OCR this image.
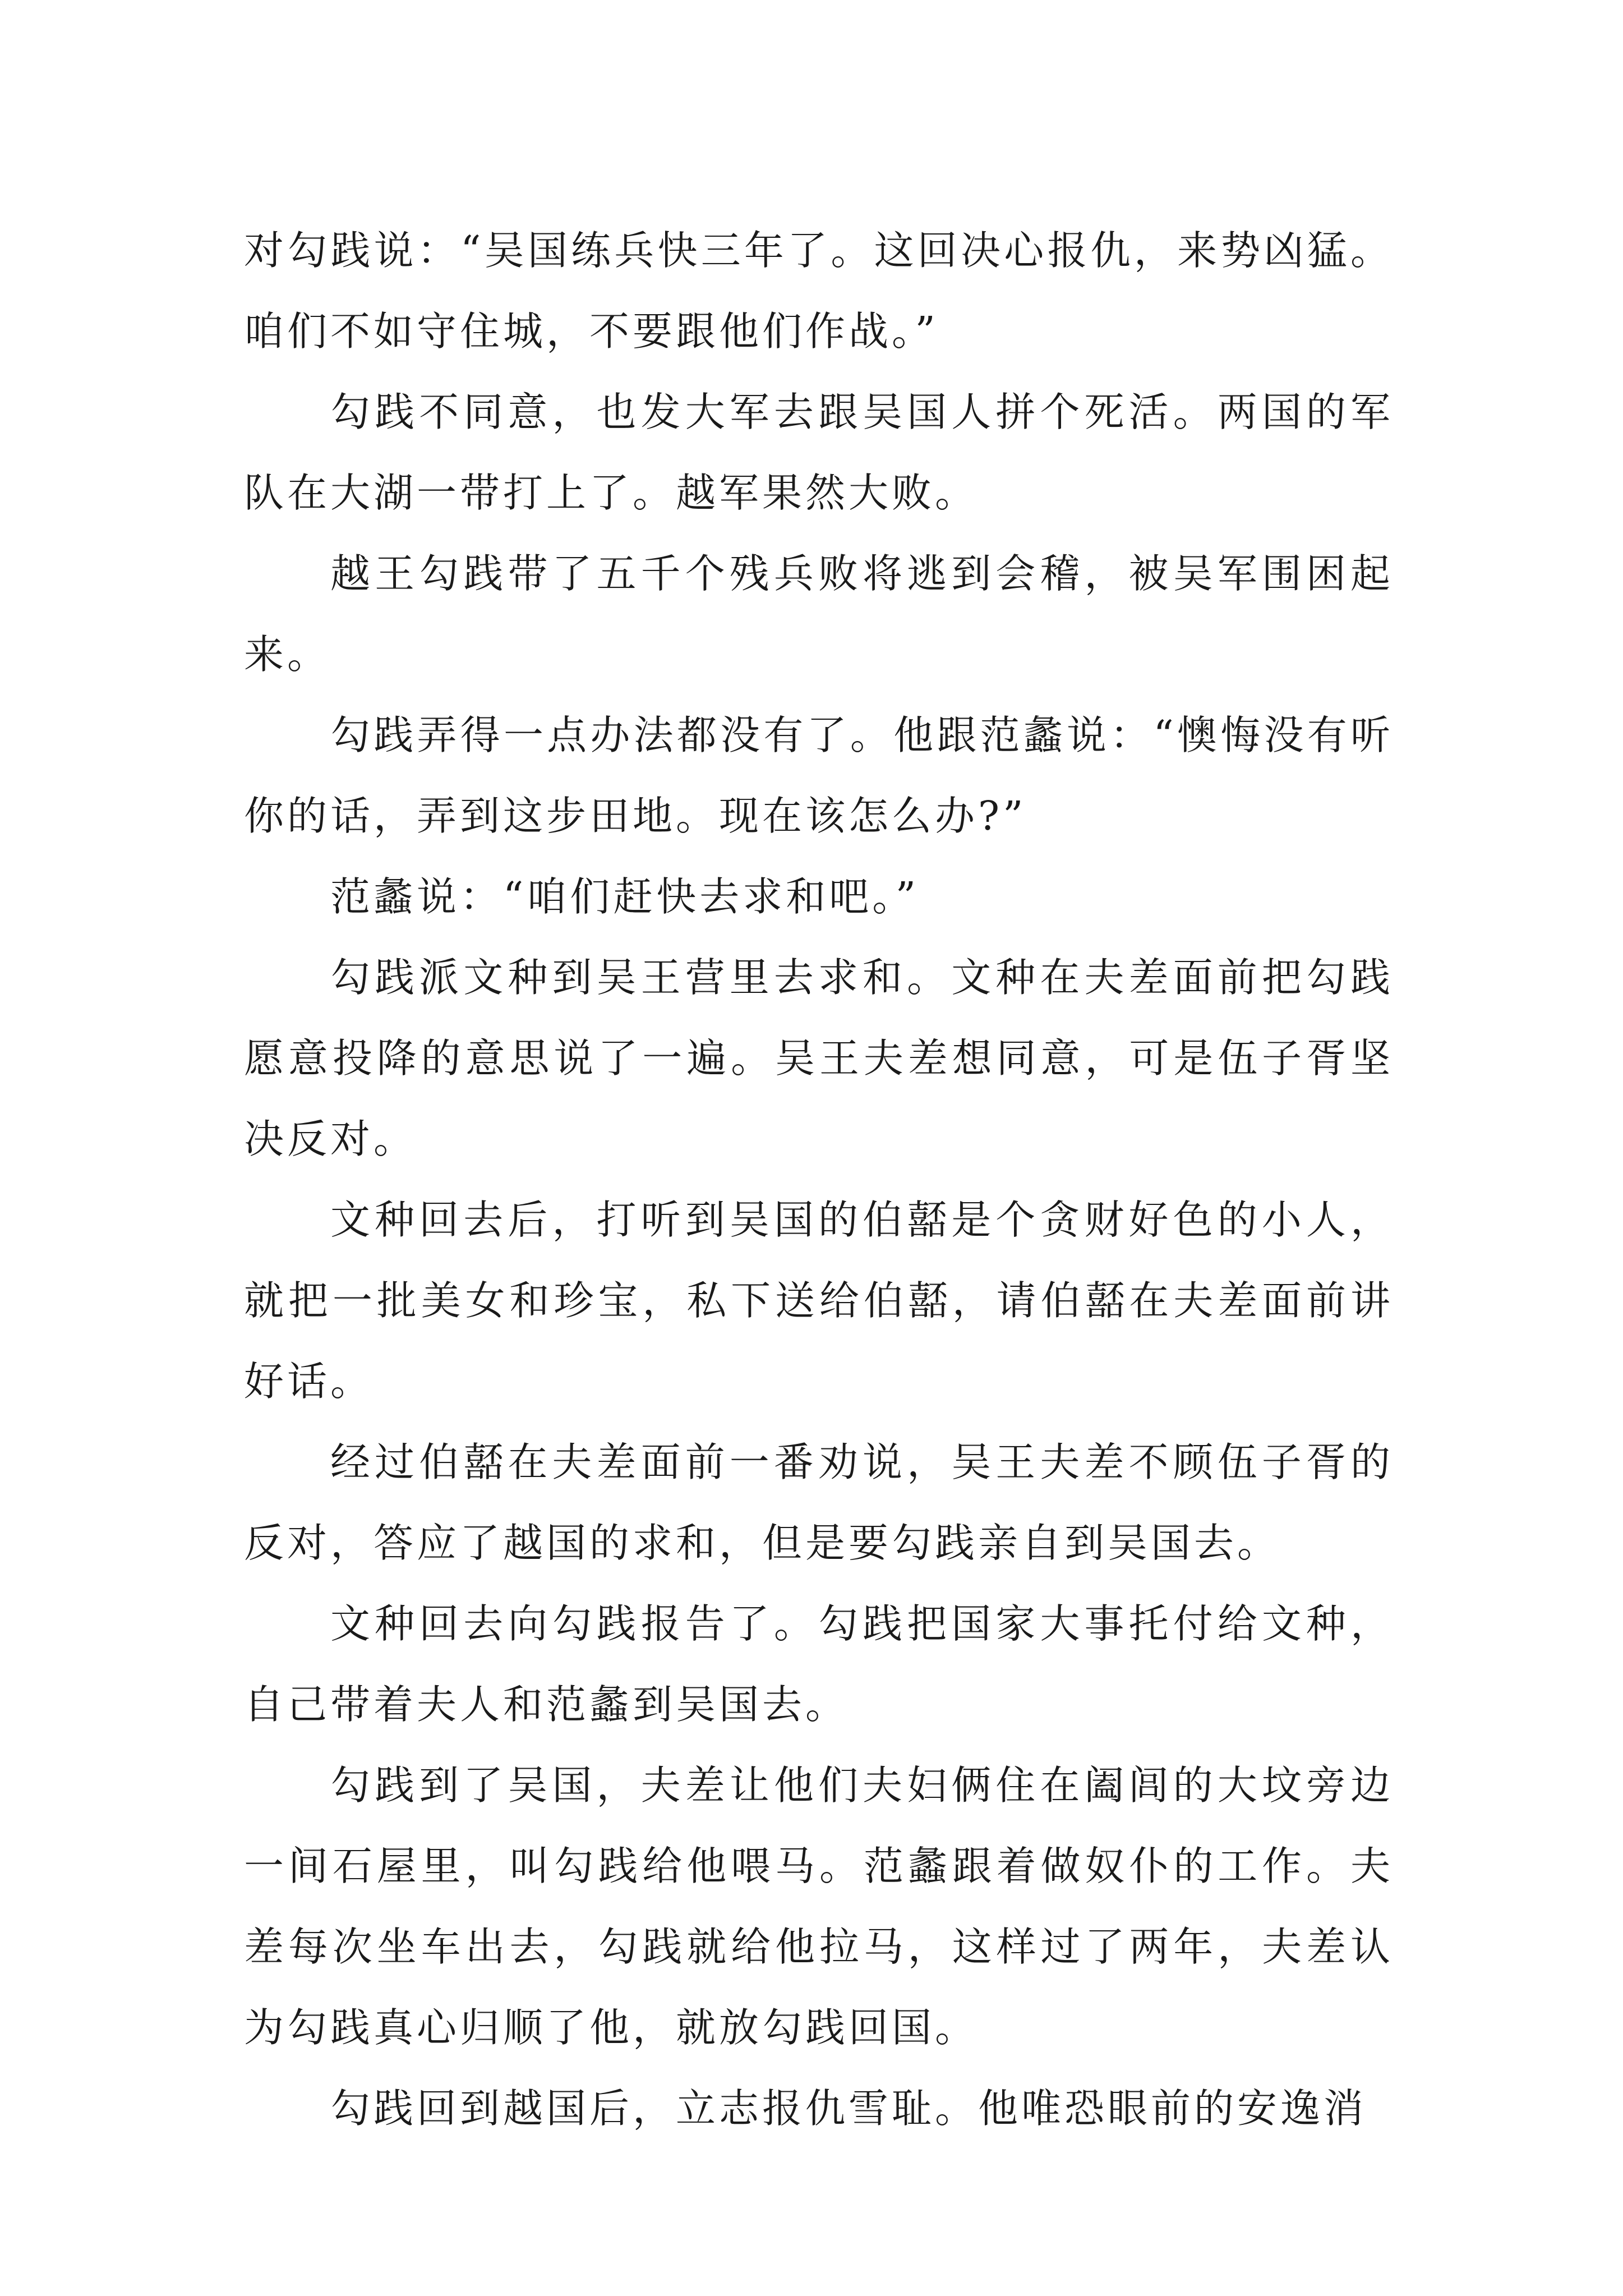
对勾践说：“吴国练兵快三年了。这回决心报仇，来势凶猛。咱们不如守住城，不要跟他们作战。”

勾践不同意，也发大军去跟吴国人拼个死活。两国的军队在大湖一带打上了。越军果然大败。

越王勾践带了五千个残兵败将逃到会稽，被吴军围困起来。

勾践弄得一点办法都没有了。他跟范蠡说：“懊悔没有听你的话，弄到这步田地。现在该怎么办?”

范蠡说：“咱们赶快去求和吧。”

勾践派文种到吴王营里去求和。文种在夫差面前把勾践愿意投降的意思说了一遍。吴王夫差想同意，可是伍子胥坚决反对。

文种回去后，打听到吴国的伯嚭是个贪财好色的小人，就把一批美女和珍宝，私下送给伯嚭，请伯嚭在夫差面前讲好话。

经过伯嚭在夫差面前一番劝说，吴王夫差不顾伍子胥的反对，答应了越国的求和，但是要勾践亲自到吴国去。

文种回去向勾践报告了。勾践把国家大事托付给文种，自己带着夫人和范蠡到吴国去。

勾践到了吴国，夫差让他们夫妇俩住在阖闾的大坟旁边一间石屋里，叫勾践给他喂马。范蠡跟着做奴仆的工作。夫差每次坐车出去，勾践就给他拉马，这样过了两年，夫差认为勾践真心归顺了他，就放勾践回国。

勾践回到越国后，立志报仇雪耻。他唯恐眼前的安逸消
